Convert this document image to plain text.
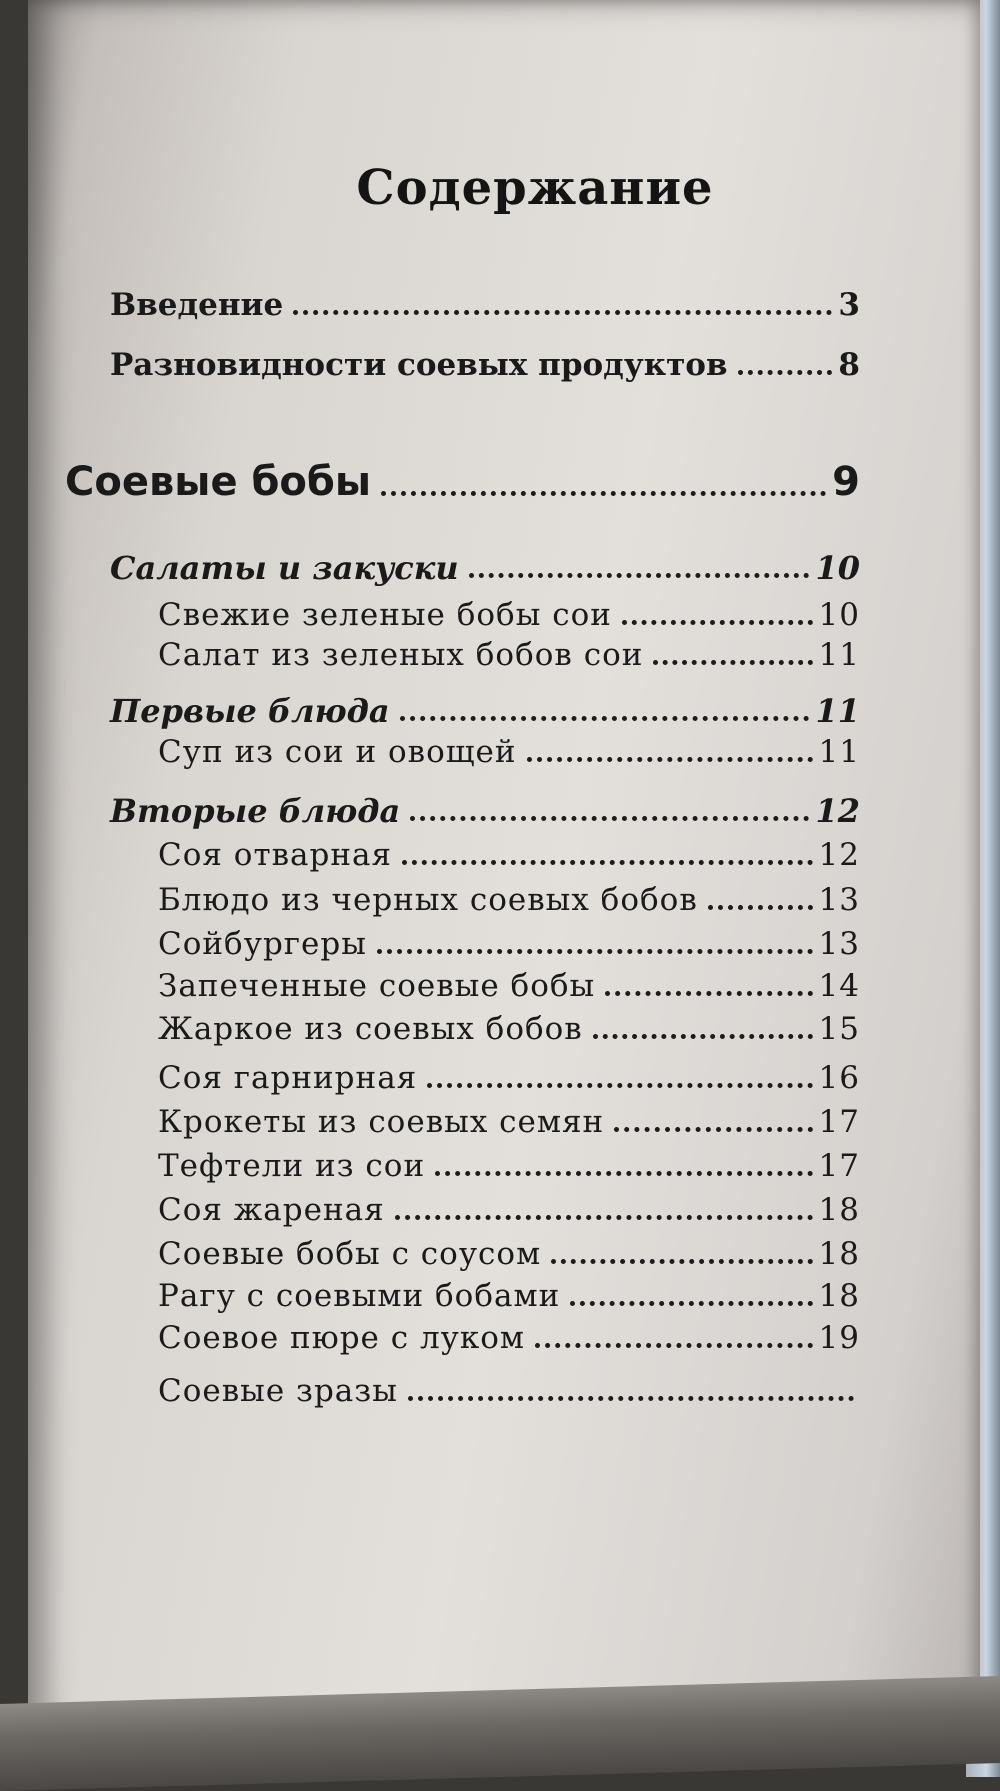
Содержание
Введение	3
Разновидности соевых продуктов	8
Соевые бобы	9
Салаты и закуски	10
Свежие зеленые бобы сои	10
Салат из зеленых бобов сои	11
Первые блюда	11
Суп из сои и овощей	11
Вторые блюда	12
Соя отварная	12
Блюдо из черных соевых бобов	13
Сойбургеры	13
Запеченные соевые бобы	14
Жаркое из соевых бобов	15
Соя гарнирная	16
Крокеты из соевых семян	17
Тефтели из сои	17
Соя жареная	18
Соевые бобы с соусом	18
Рагу с соевыми бобами	18
Соевое пюре с луком	19
Соевые зразы
